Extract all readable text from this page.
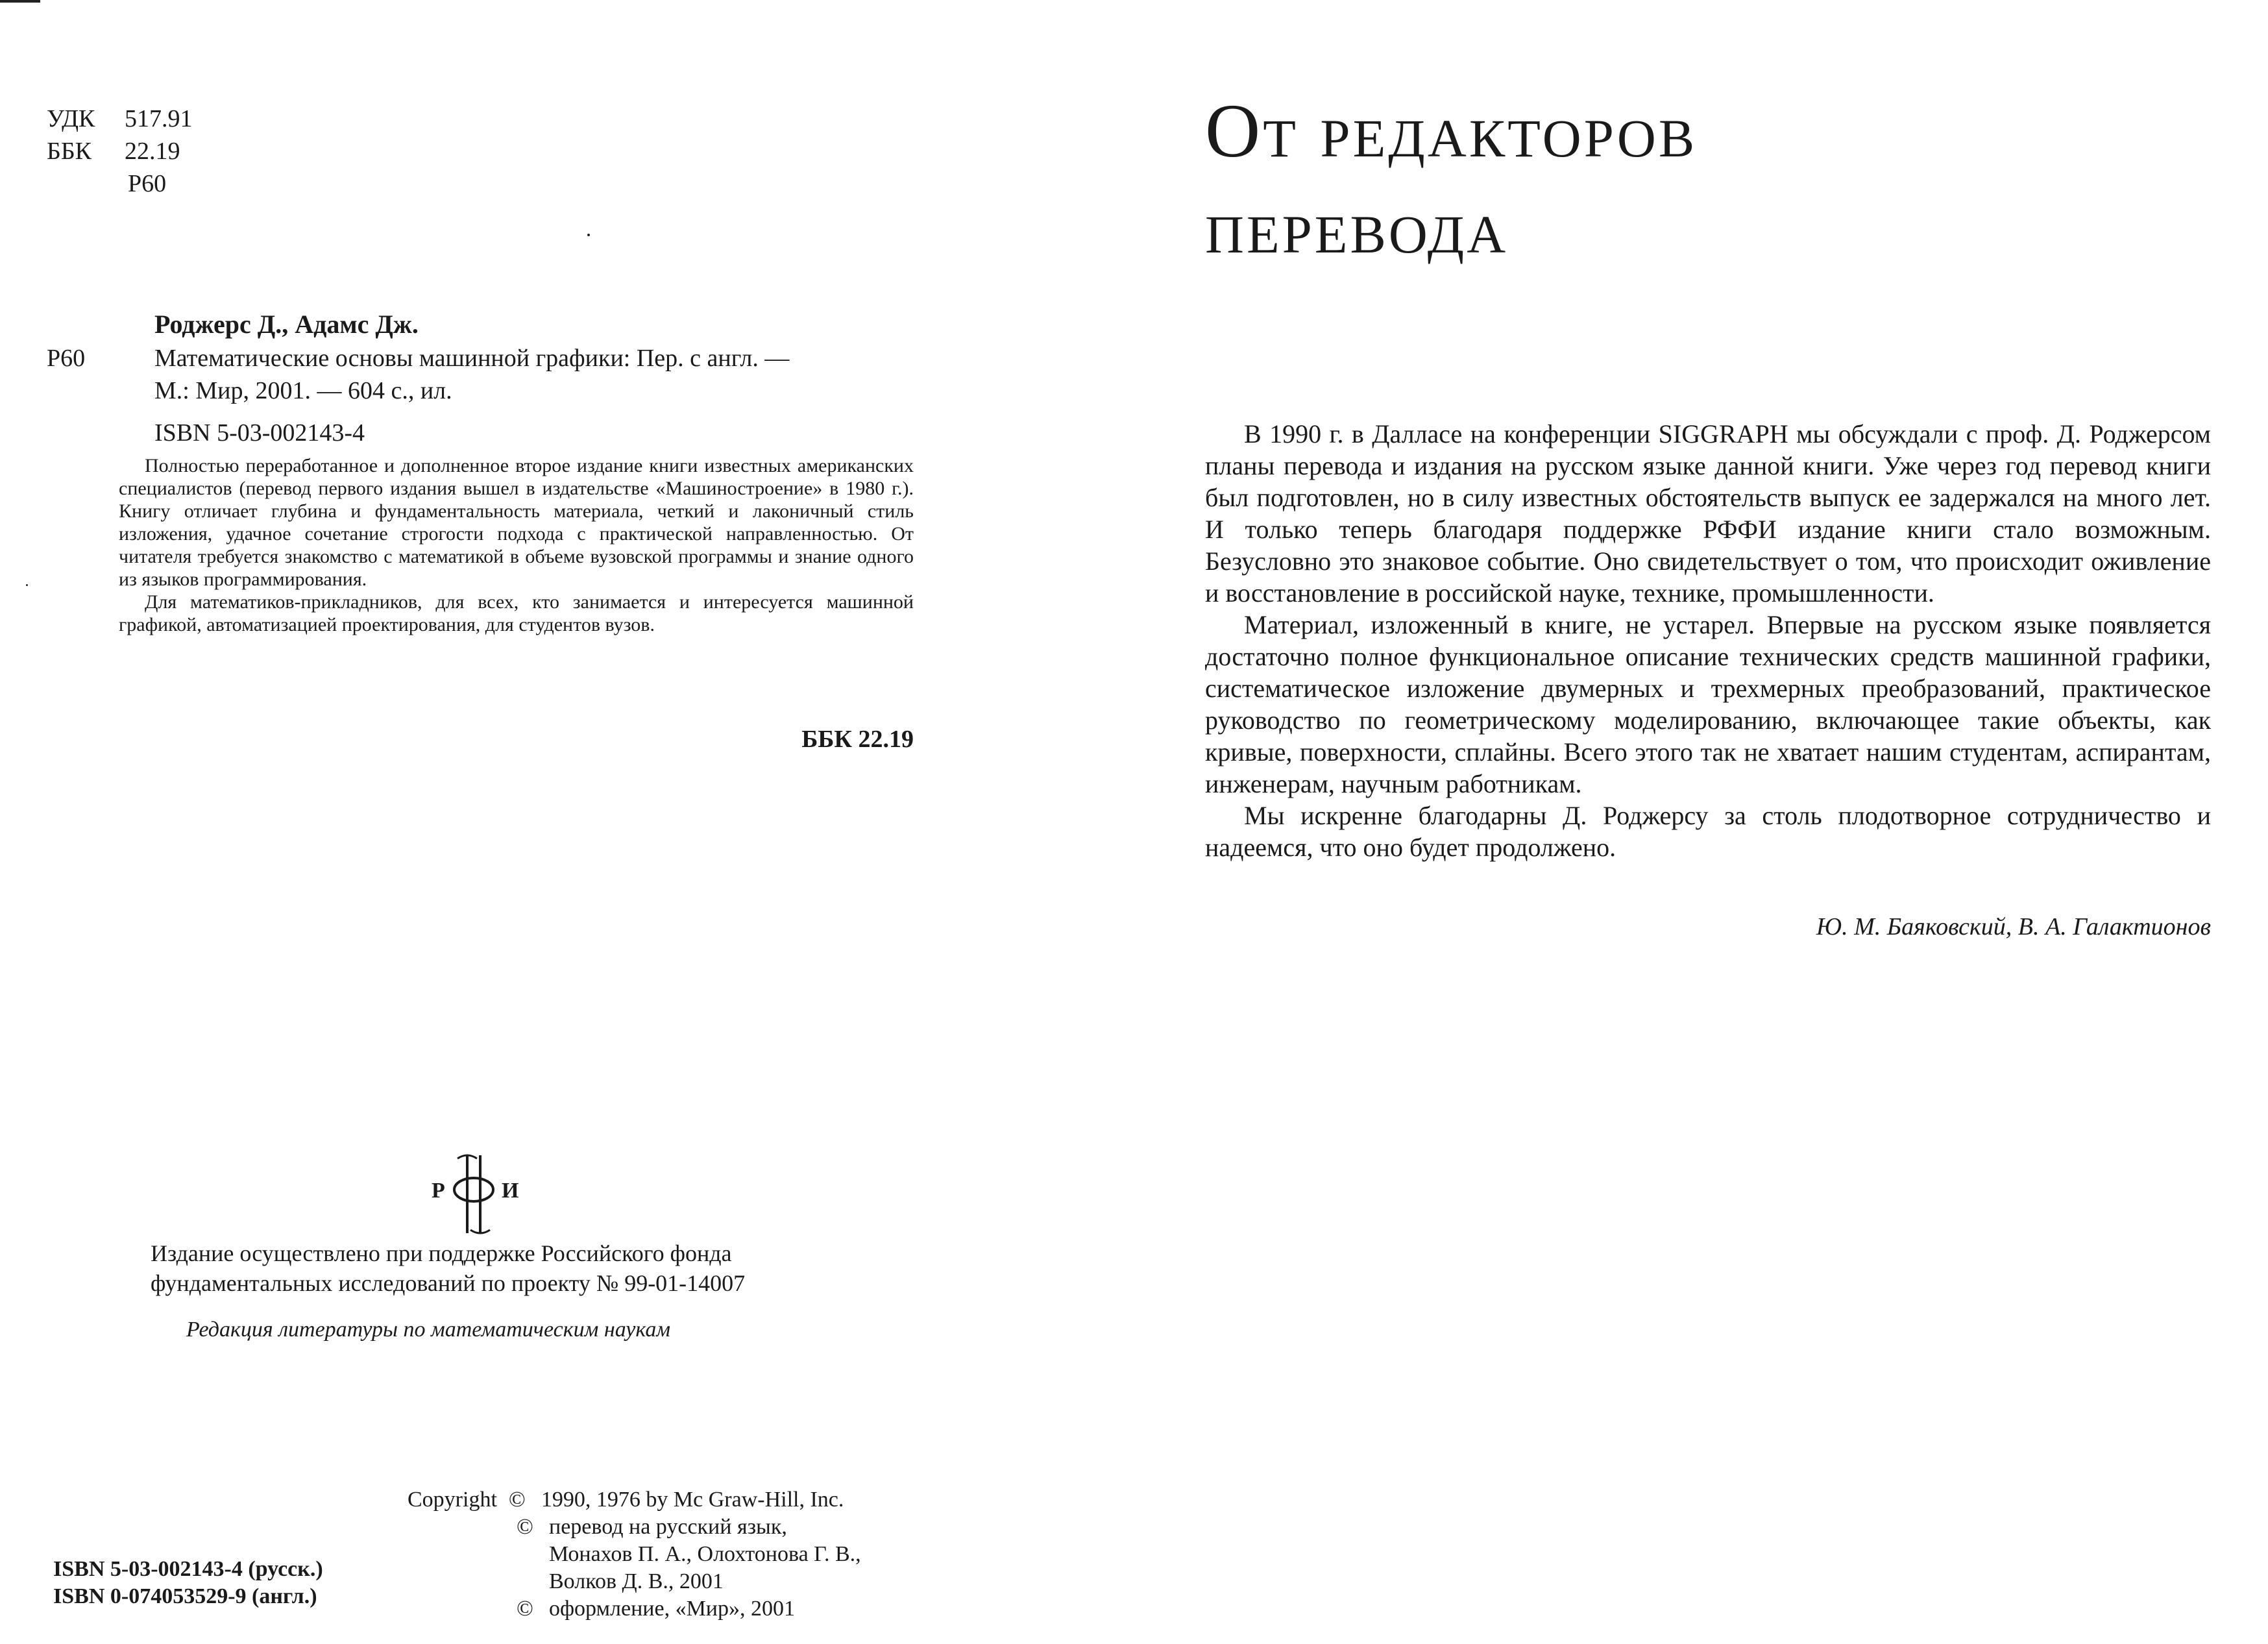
УДК	517.91
ББК	22.19
Р60
Роджерс Д., Адамс Дж.
Р60	Математические основы машинной графики: Пер. с англ. —
М.: Мир, 2001. — 604 с., ил.
ISBN 5-03-002143-4

Полностью переработанное и дополненное второе издание книги известных американских специалистов (перевод первого издания вышел в издательстве «Машиностроение» в 1980 г.). Книгу отличает глубина и фундаментальность материала, четкий и лаконичный стиль изложения, удачное сочетание строгости подхода с практической направленностью. От читателя требуется знакомство с математикой в объеме вузовской программы и знание одного из языков программирования.

Для математиков-прикладников, для всех, кто занимается и интересуется машинной графикой, автоматизацией проектирования, для студентов вузов.

ББК 22.19
Р	И
Издание осуществлено при поддержке Российского фонда
фундаментальных исследований по проекту № 99-01-14007
Редакция литературы по математическим наукам
Copyright © 1990, 1976 by Mc Graw-Hill, Inc.
© перевод на русский язык,
Монахов П. А., Олохтонова Г. В.,
Волков Д. В., 2001
© оформление, «Мир», 2001
ISBN 5-03-002143-4 (русск.)
ISBN 0-074053529-9 (англ.)
От редакторов
перевода

В 1990 г. в Далласе на конференции SIGGRAPH мы обсуждали с проф. Д. Роджерсом планы перевода и издания на русском языке данной книги. Уже через год перевод книги был подготовлен, но в силу известных обстоятельств выпуск ее задержался на много лет. И только теперь благодаря поддержке РФФИ издание книги стало возможным. Безусловно это знаковое событие. Оно свидетельствует о том, что происходит оживление и восстановление в российской науке, технике, промышленности.

Материал, изложенный в книге, не устарел. Впервые на русском языке появляется достаточно полное функциональное описание технических средств машинной графики, систематическое изложение двумерных и трехмерных преобразований, практическое руководство по геометрическому моделированию, включающее такие объекты, как кривые, поверхности, сплайны. Всего этого так не хватает нашим студентам, аспирантам, инженерам, научным работникам.

Мы искренне благодарны Д. Роджерсу за столь плодотворное сотрудничество и надеемся, что оно будет продолжено.

Ю. М. Баяковский, В. А. Галактионов
